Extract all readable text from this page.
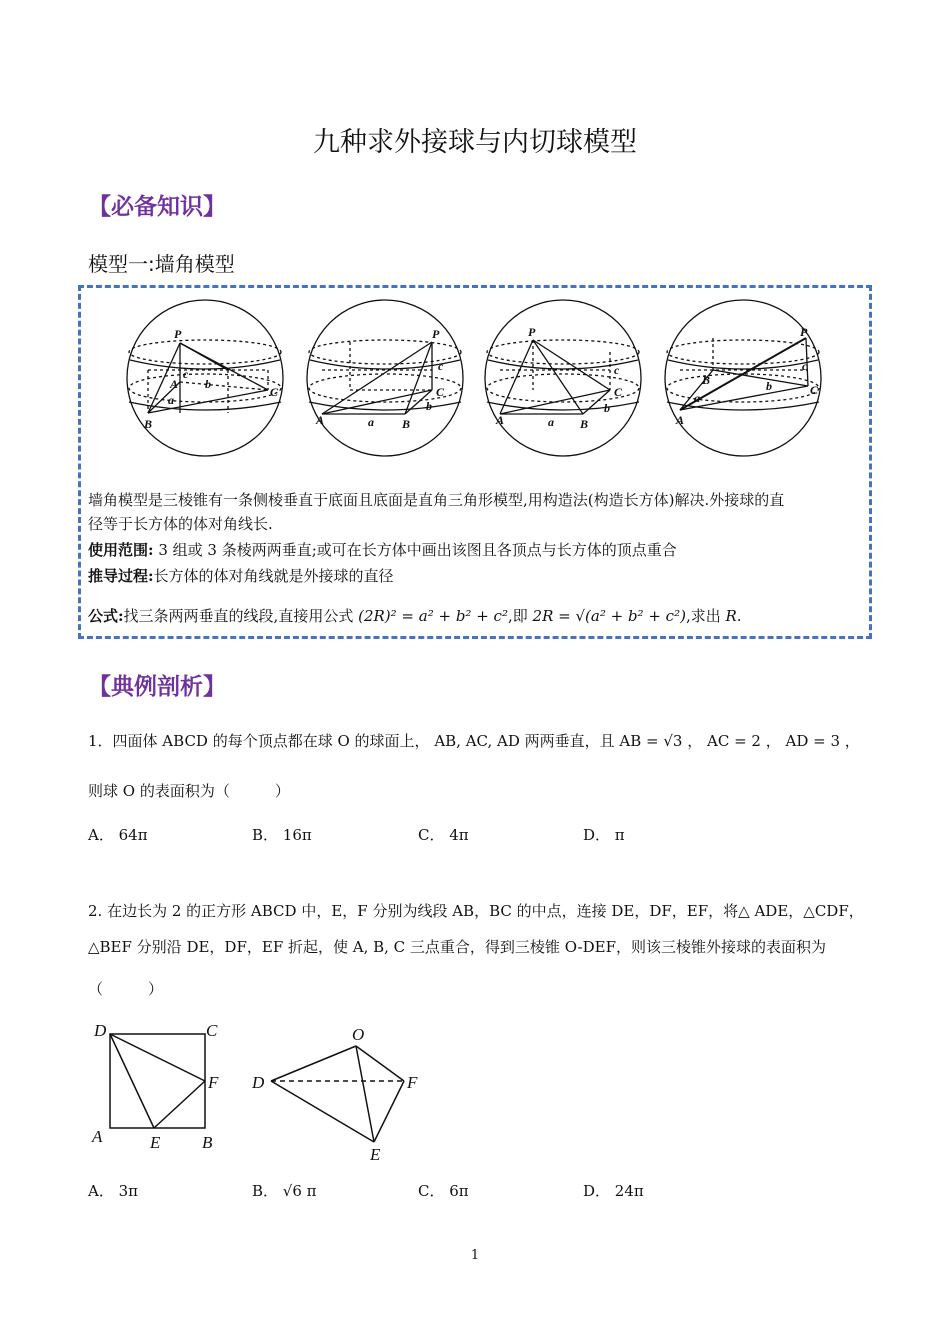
九种求外接球与内切球模型
【必备知识】
模型一:墙角模型
P
A
c
b
C
a
B
P
c
C
b
A	a B
P
c
C
b
A	a B
P
c
B
C
a
b
A
墙角模型是三棱锥有一条侧棱垂直于底面且底面是直角三角形模型,用构造法(构造长方体)解决.外接球的直
径等于长方体的体对角线长.
使用范围: 3 组或 3 条棱两两垂直;或可在长方体中画出该图且各顶点与长方体的顶点重合
推导过程:长方体的体对角线就是外接球的直径
公式:找三条两两垂直的线段,直接用公式 (2R)² = a² + b² + c²,即 2R = √(a² + b² + c²),求出 R.
【典例剖析】
1．四面体 ABCD 的每个顶点都在球 O 的球面上， AB, AC, AD 两两垂直，且 AB = √3 ， AC = 2 ， AD = 3 ，
则球 O 的表面积为（　　　）
A． 64π	B． 16π	C． 4π	D． π
2. 在边长为 2 的正方形 ABCD 中，E，F 分别为线段 AB，BC 的中点，连接 DE，DF，EF，将△ ADE，△CDF，
△BEF 分别沿 DE，DF，EF 折起，使 A, B, C 三点重合，得到三棱锥 O-DEF，则该三棱锥外接球的表面积为
（　　　）
D	C
F
A	E B
O
D	F
E
A． 3π	B． √6 π	C． 6π	D． 24π
1
